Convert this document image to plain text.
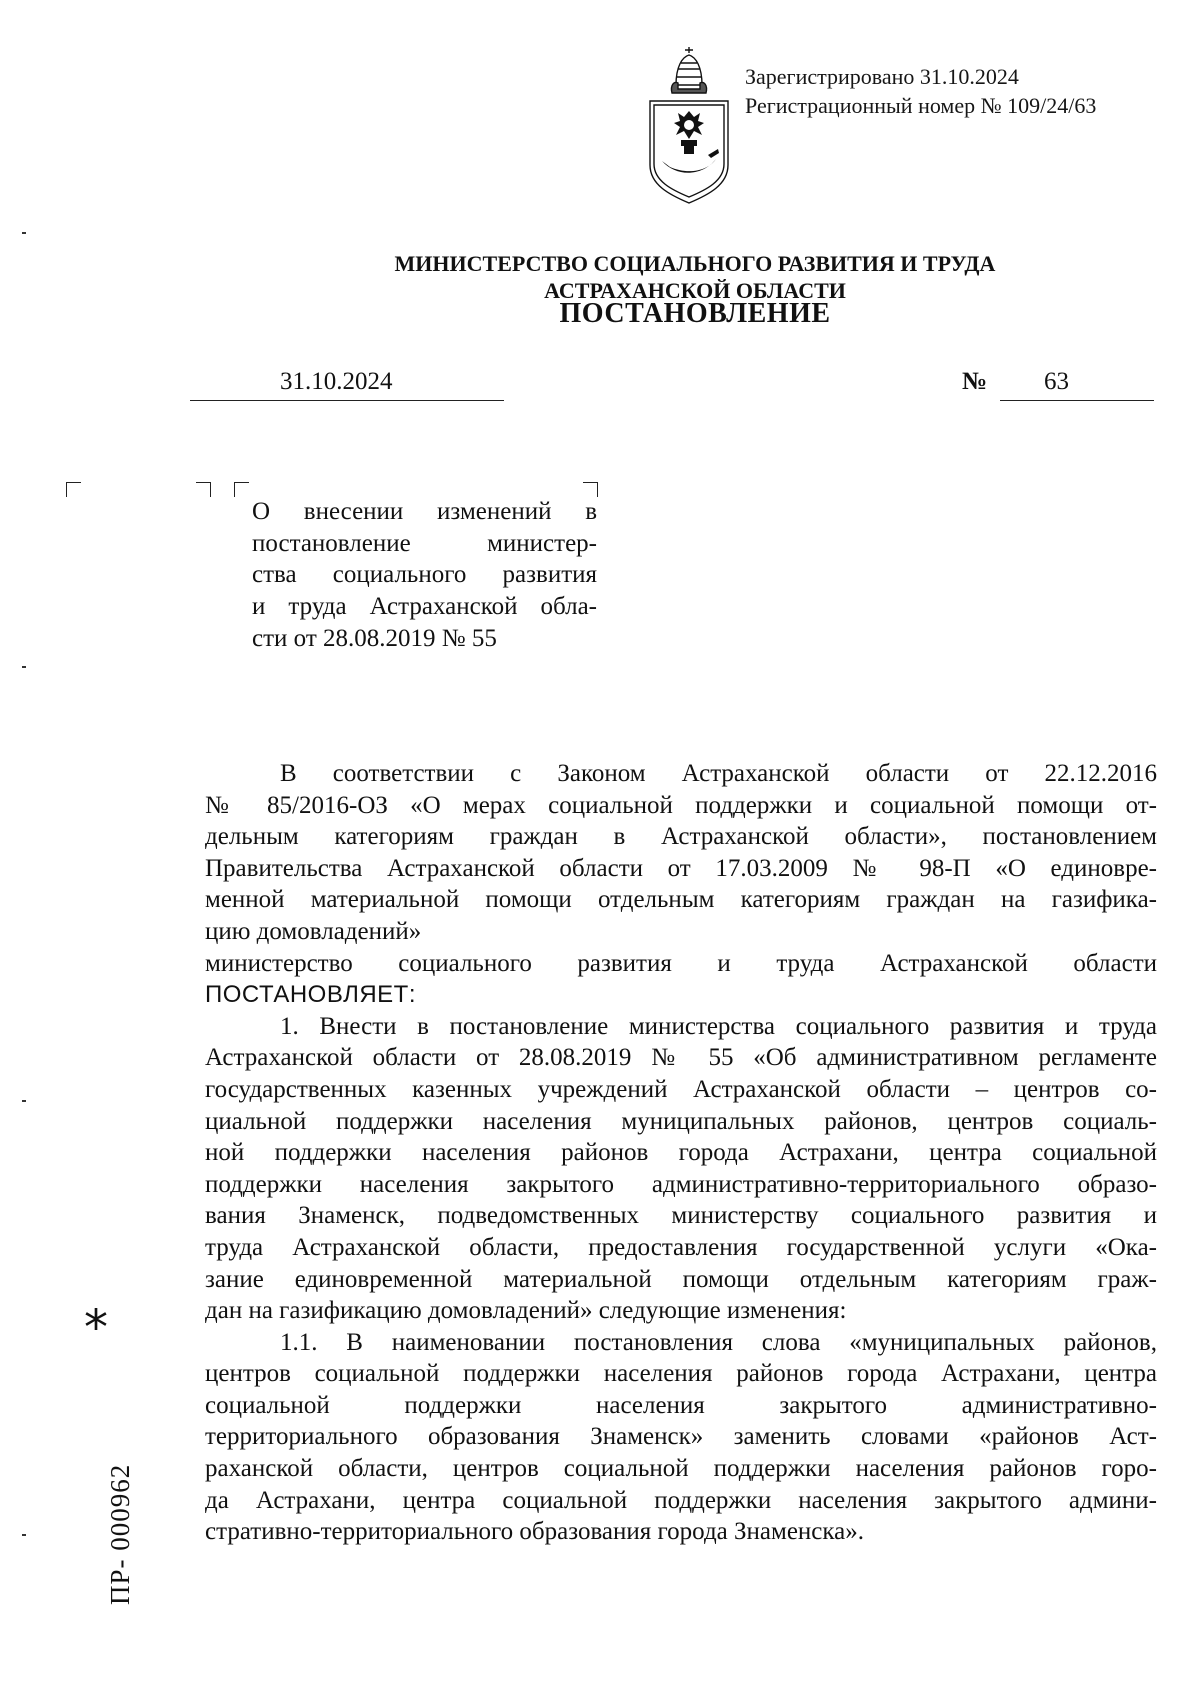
Зарегистрировано 31.10.2024
Регистрационный номер № 109/24/63
МИНИСТЕРСТВО СОЦИАЛЬНОГО РАЗВИТИЯ И ТРУДА
АСТРАХАНСКОЙ ОБЛАСТИ
ПОСТАНОВЛЕНИЕ
31.10.2024	№ 63
О внесении изменений в
постановление министер-
ства социального развития
и труда Астраханской обла-
сти от 28.08.2019 № 55
В соответствии с Законом Астраханской области от 22.12.2016
№ 85/2016-ОЗ «О мерах социальной поддержки и социальной помощи от-
дельным категориям граждан в Астраханской области», постановлением
Правительства Астраханской области от 17.03.2009 № 98-П «О единовре-
менной материальной помощи отдельным категориям граждан на газифика-
цию домовладений»
министерство социального развития и труда Астраханской области
ПОСТАНОВЛЯЕТ:
1. Внести в постановление министерства социального развития и труда
Астраханской области от 28.08.2019 № 55 «Об административном регламенте
государственных казенных учреждений Астраханской области – центров со-
циальной поддержки населения муниципальных районов, центров социаль-
ной поддержки населения районов города Астрахани, центра социальной
поддержки населения закрытого административно-территориального образо-
вания Знаменск, подведомственных министерству социального развития и
труда Астраханской области, предоставления государственной услуги «Ока-
зание единовременной материальной помощи отдельным категориям граж-
дан на газификацию домовладений» следующие изменения:
1.1. В наименовании постановления слова «муниципальных районов,
центров социальной поддержки населения районов города Астрахани, центра
социальной поддержки населения закрытого административно-
территориального образования Знаменск» заменить словами «районов Аст-
раханской области, центров социальной поддержки населения районов горо-
да Астрахани, центра социальной поддержки населения закрытого админи-
стративно-территориального образования города Знаменска».
*
ПР- 000962
